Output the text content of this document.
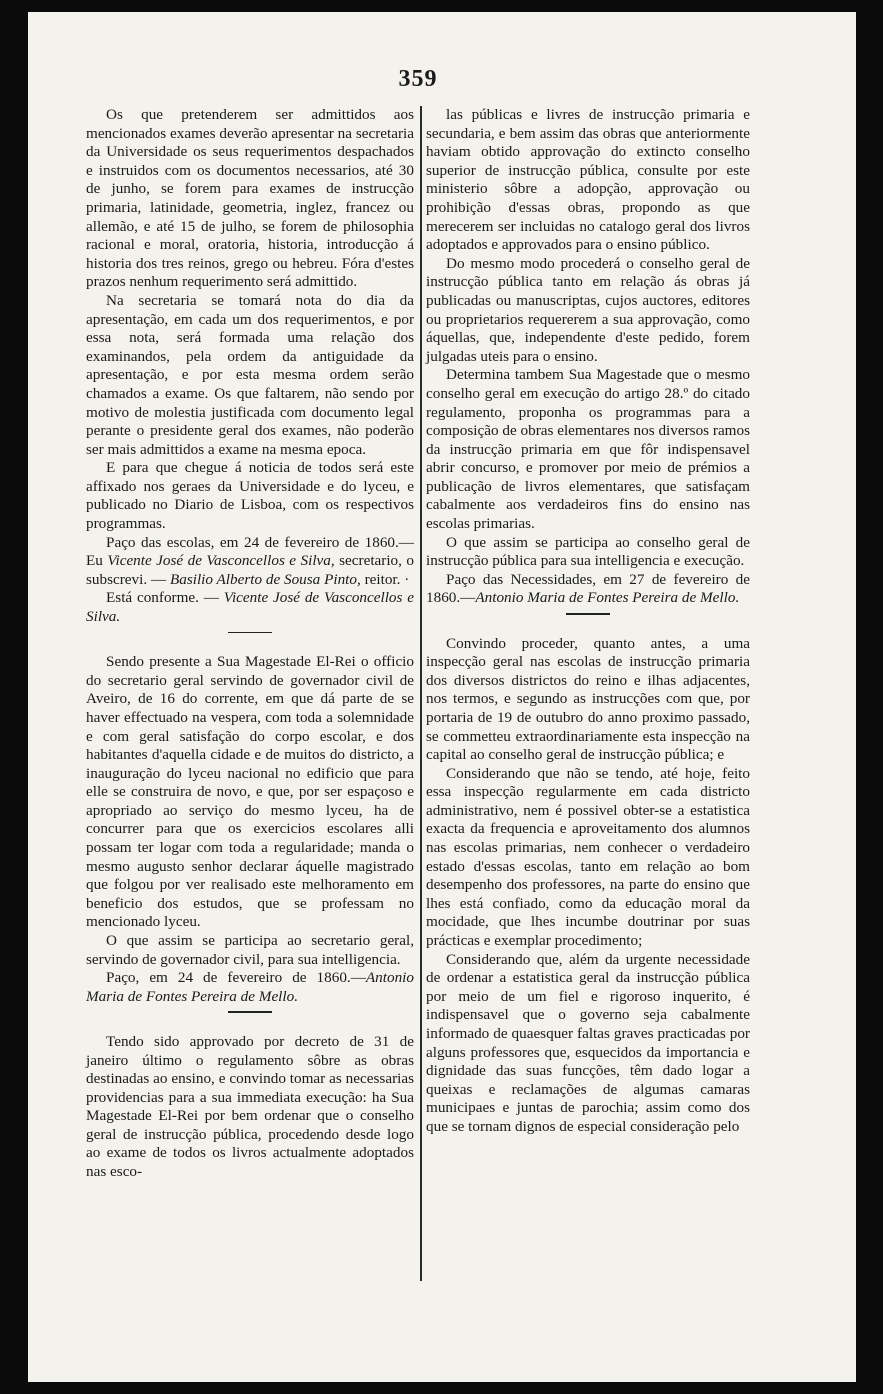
359

Os que pretenderem ser admittidos aos mencionados exames deverão apresentar na secretaria da Universidade os seus requerimentos despachados e instruidos com os documentos necessarios, até 30 de junho, se forem para exames de instrucção primaria, latinidade, geometria, inglez, francez ou allemão, e até 15 de julho, se forem de philosophia racional e moral, oratoria, historia, introducção á historia dos tres reinos, grego ou hebreu. Fóra d'estes prazos nenhum requerimento será admittido.

Na secretaria se tomará nota do dia da apresentação, em cada um dos requerimentos, e por essa nota, será formada uma relação dos examinandos, pela ordem da antiguidade da apresentação, e por esta mesma ordem serão chamados a exame. Os que faltarem, não sendo por motivo de molestia justificada com documento legal perante o presidente geral dos exames, não poderão ser mais admittidos a exame na mesma epoca.

E para que chegue á noticia de todos será este affixado nos geraes da Universidade e do lyceu, e publicado no Diario de Lisboa, com os respectivos programmas.

Paço das escolas, em 24 de fevereiro de 1860.—Eu Vicente José de Vasconcellos e Silva, secretario, o subscrevi. — Basilio Alberto de Sousa Pinto, reitor. ·

Está conforme. — Vicente José de Vasconcellos e Silva.

Sendo presente a Sua Magestade El-Rei o officio do secretario geral servindo de governador civil de Aveiro, de 16 do corrente, em que dá parte de se haver effectuado na vespera, com toda a solemnidade e com geral satisfação do corpo escolar, e dos habitantes d'aquella cidade e de muitos do districto, a inauguração do lyceu nacional no edificio que para elle se construira de novo, e que, por ser espaçoso e apropriado ao serviço do mesmo lyceu, ha de concurrer para que os exercicios escolares alli possam ter logar com toda a regularidade; manda o mesmo augusto senhor declarar áquelle magistrado que folgou por ver realisado este melhoramento em beneficio dos estudos, que se professam no mencionado lyceu.

O que assim se participa ao secretario geral, servindo de governador civil, para sua intelligencia.

Paço, em 24 de fevereiro de 1860.—Antonio Maria de Fontes Pereira de Mello.

Tendo sido approvado por decreto de 31 de janeiro último o regulamento sôbre as obras destinadas ao ensino, e convindo tomar as necessarias providencias para a sua immediata execução: ha Sua Magestade El-Rei por bem ordenar que o conselho geral de instrucção pública, procedendo desde logo ao exame de todos os livros actualmente adoptados nas esco-

las públicas e livres de instrucção primaria e secundaria, e bem assim das obras que anteriormente haviam obtido approvação do extincto conselho superior de instrucção pública, consulte por este ministerio sôbre a adopção, approvação ou prohibição d'essas obras, propondo as que merecerem ser incluidas no catalogo geral dos livros adoptados e approvados para o ensino público.

Do mesmo modo procederá o conselho geral de instrucção pública tanto em relação ás obras já publicadas ou manuscriptas, cujos auctores, editores ou proprietarios requererem a sua approvação, como áquellas, que, independente d'este pedido, forem julgadas uteis para o ensino.

Determina tambem Sua Magestade que o mesmo conselho geral em execução do artigo 28.º do citado regulamento, proponha os programmas para a composição de obras elementares nos diversos ramos da instrucção primaria em que fôr indispensavel abrir concurso, e promover por meio de prémios a publicação de livros elementares, que satisfaçam cabalmente aos verdadeiros fins do ensino nas escolas primarias.

O que assim se participa ao conselho geral de instrucção pública para sua intelligencia e execução.

Paço das Necessidades, em 27 de fevereiro de 1860.—Antonio Maria de Fontes Pereira de Mello.

Convindo proceder, quanto antes, a uma inspecção geral nas escolas de instrucção primaria dos diversos districtos do reino e ilhas adjacentes, nos termos, e segundo as instrucções com que, por portaria de 19 de outubro do anno proximo passado, se commetteu extraordinariamente esta inspecção na capital ao conselho geral de instrucção pública; e

Considerando que não se tendo, até hoje, feito essa inspecção regularmente em cada districto administrativo, nem é possivel obter-se a estatistica exacta da frequencia e aproveitamento dos alumnos nas escolas primarias, nem conhecer o verdadeiro estado d'essas escolas, tanto em relação ao bom desempenho dos professores, na parte do ensino que lhes está confiado, como da educação moral da mocidade, que lhes incumbe doutrinar por suas prácticas e exemplar procedimento;

Considerando que, além da urgente necessidade de ordenar a estatistica geral da instrucção pública por meio de um fiel e rigoroso inquerito, é indispensavel que o governo seja cabalmente informado de quaesquer faltas graves practicadas por alguns professores que, esquecidos da importancia e dignidade das suas funcções, têm dado logar a queixas e reclamações de algumas camaras municipaes e juntas de parochia; assim como dos que se tornam dignos de especial consideração pelo
